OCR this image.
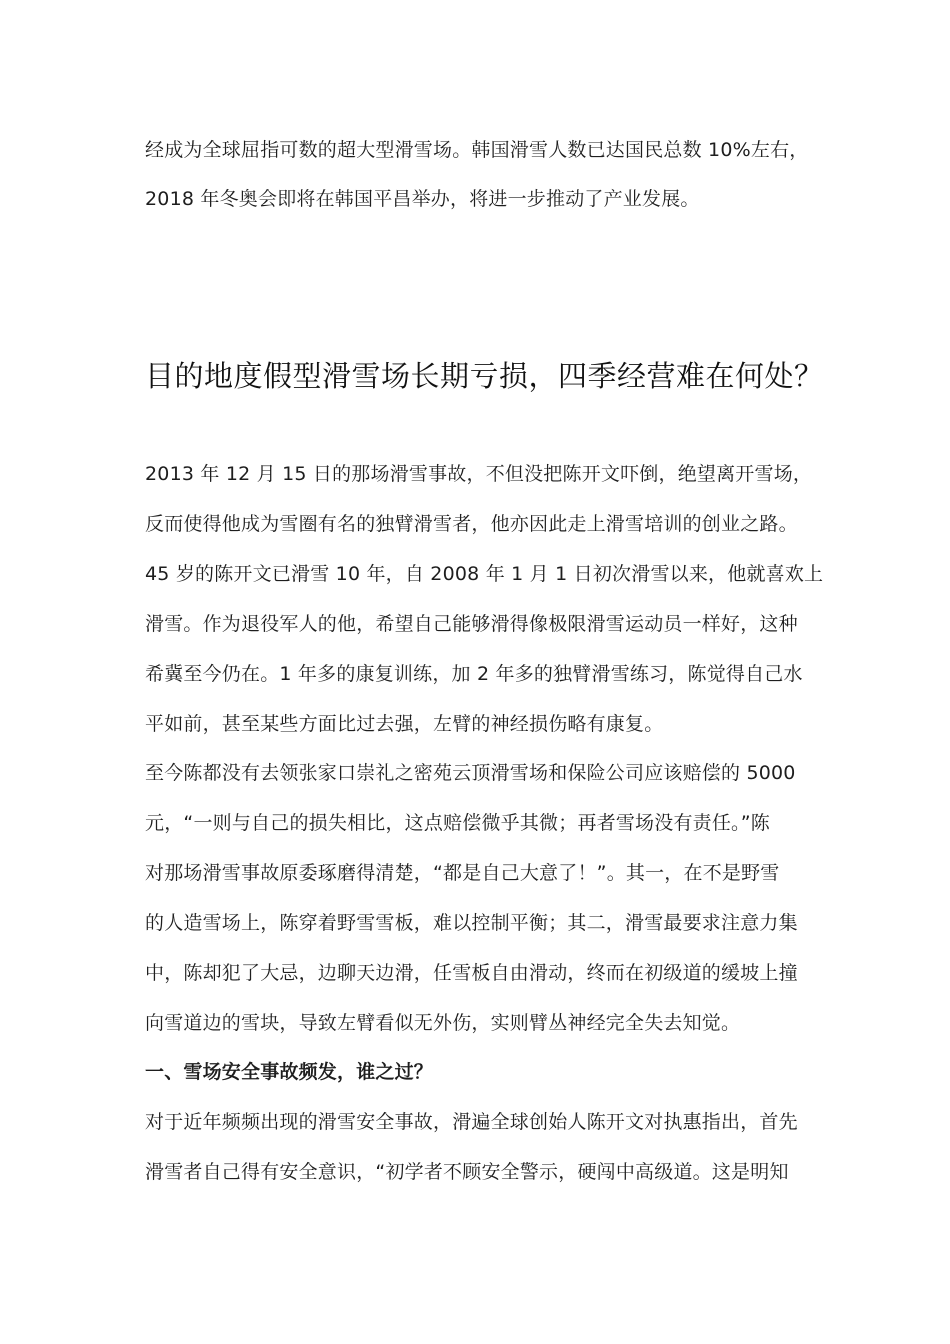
经成为全球屈指可数的超大型滑雪场。韩国滑雪人数已达国民总数 10%左右，
2018 年冬奥会即将在韩国平昌举办，将进一步推动了产业发展。
目的地度假型滑雪场长期亏损，四季经营难在何处？
2013 年 12 月 15 日的那场滑雪事故，不但没把陈开文吓倒，绝望离开雪场，
反而使得他成为雪圈有名的独臂滑雪者，他亦因此走上滑雪培训的创业之路。
45 岁的陈开文已滑雪 10 年，自 2008 年 1 月 1 日初次滑雪以来，他就喜欢上
滑雪。作为退役军人的他，希望自己能够滑得像极限滑雪运动员一样好，这种
希冀至今仍在。1 年多的康复训练，加 2 年多的独臂滑雪练习，陈觉得自己水
平如前，甚至某些方面比过去强，左臂的神经损伤略有康复。
至今陈都没有去领张家口崇礼之密苑云顶滑雪场和保险公司应该赔偿的 5000
元，“一则与自己的损失相比，这点赔偿微乎其微；再者雪场没有责任。”陈
对那场滑雪事故原委琢磨得清楚，“都是自己大意了！”。其一，在不是野雪
的人造雪场上，陈穿着野雪雪板，难以控制平衡；其二，滑雪最要求注意力集
中，陈却犯了大忌，边聊天边滑，任雪板自由滑动，终而在初级道的缓坡上撞
向雪道边的雪块，导致左臂看似无外伤，实则臂丛神经完全失去知觉。
一、雪场安全事故频发，谁之过？
对于近年频频出现的滑雪安全事故，滑遍全球创始人陈开文对执惠指出，首先
滑雪者自己得有安全意识，“初学者不顾安全警示，硬闯中高级道。这是明知
